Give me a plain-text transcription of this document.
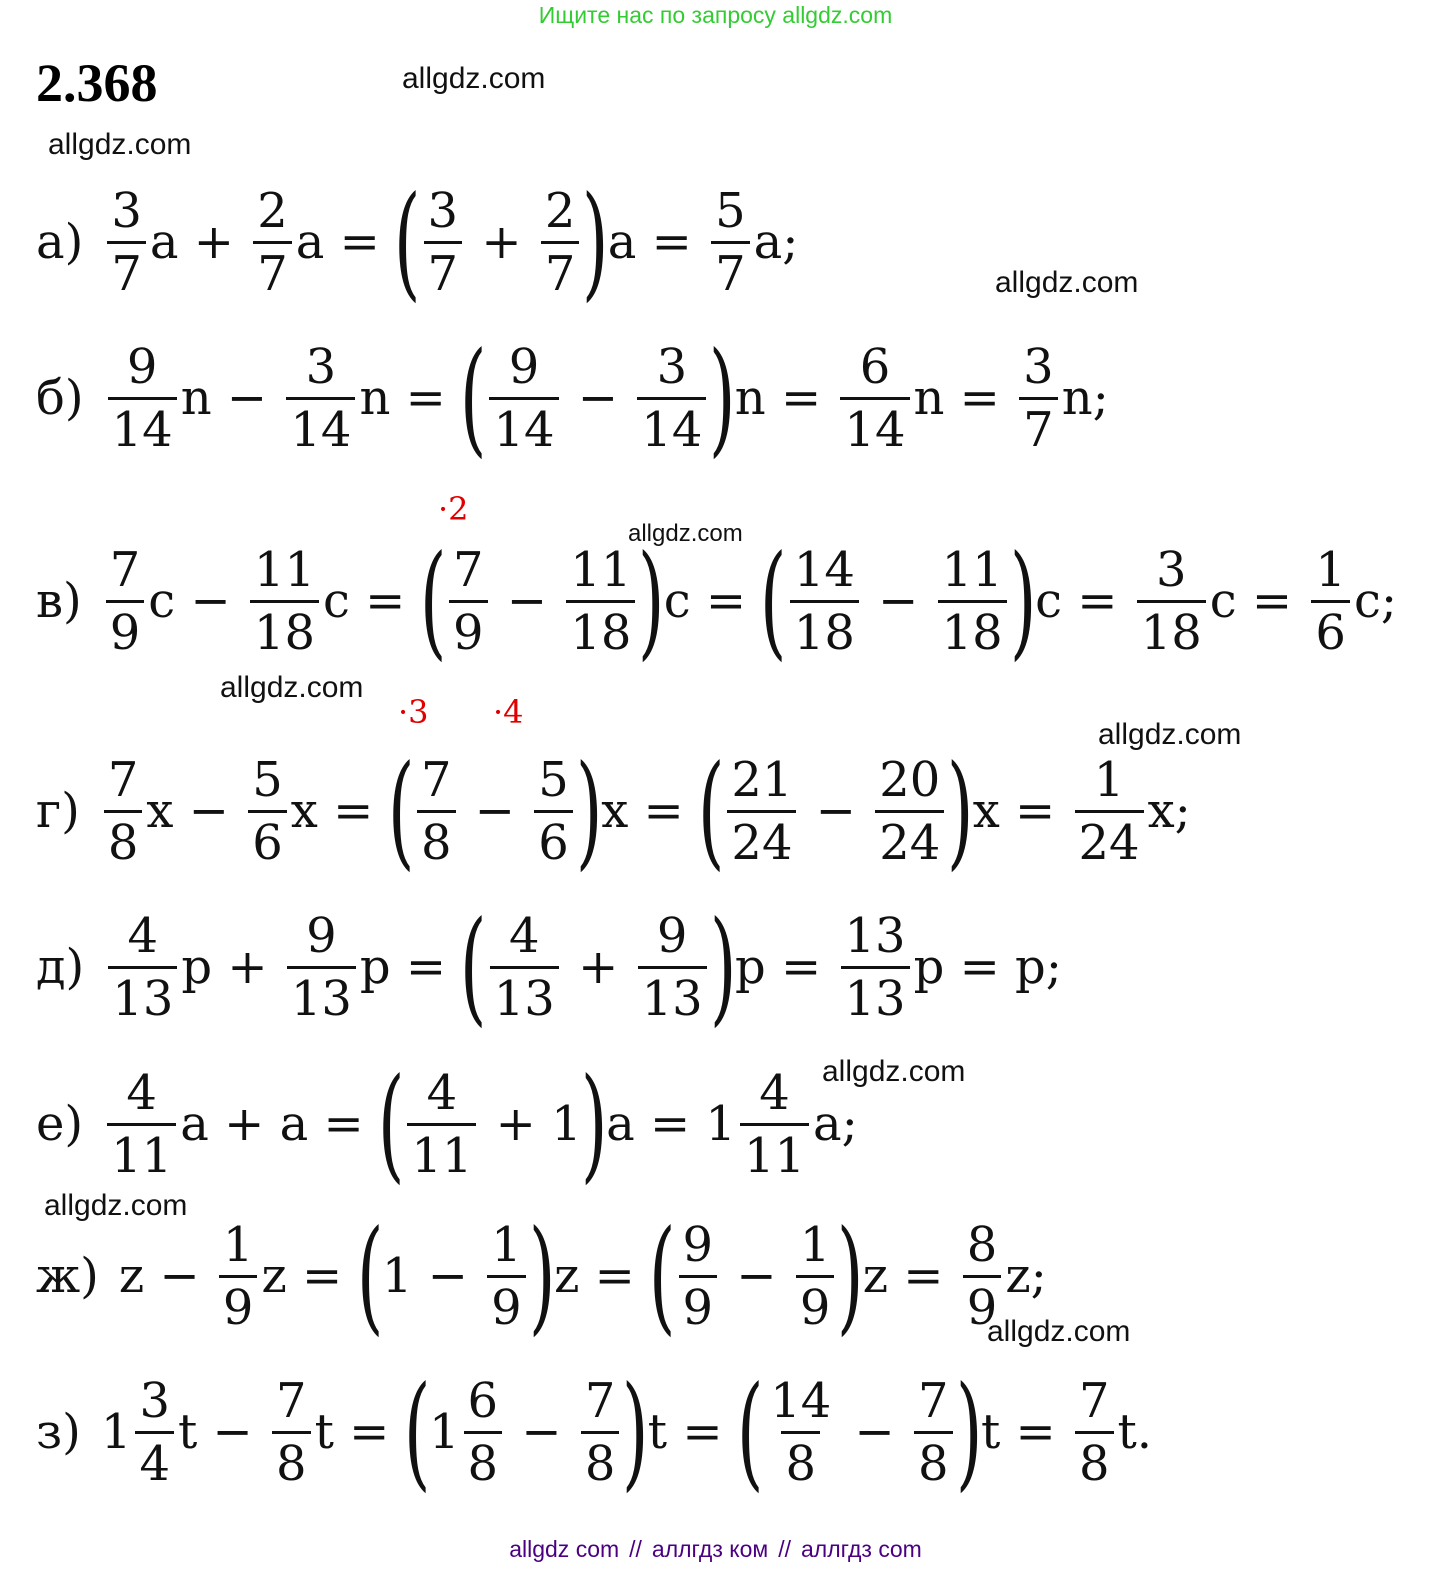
Ищите нас по запросу allgdz.com
2.368	allgdz.com
allgdz.com
allgdz.com
allgdz.com
allgdz.com
allgdz.com
allgdz.com
allgdz.com
allgdz.com
·2
·3 ·4
$а) \frac{3}{7}$ $a + \frac{2}{7}$ a =
( $\frac{3}{7} + \frac{2}{7}$ )
$a = \frac{5}{7} a$;
$б) \frac{9}{14}$ $n - \frac{3}{14}$ n =
( $\frac{9}{14} - \frac{3}{14}$ )
$n = \frac{6}{14}$ $n = \frac{3}{7} n$;
$в) \frac{7}{9}$ $c - \frac{11}{18}$ c =
( $\frac{7}{9} - \frac{11}{18}$ )
c =
( $\frac{14}{18} - \frac{11}{18}$ )
$c = \frac{3}{18}$ $c = \frac{1}{6} c$;
$г) \frac{7}{8}$ $x - \frac{5}{6}$ x =
( $\frac{7}{8} - \frac{5}{6}$ )
x =
( $\frac{21}{24} - \frac{20}{24}$ )
$x = \frac{1}{24} x$;
$д) \frac{4}{13}$ $p + \frac{9}{13}$ p =
( $\frac{4}{13} + \frac{9}{13}$ )
$p = \frac{13}{13}$ p = p;
$е) \frac{4}{11}$ a + a =
( $\frac{4}{11} + 1$
)
$a = 1 \frac{4}{11} a$;
ж) $z - \frac{1}{9}$ z =
(
$1 - \frac{1}{9}$ )
z =
( $\frac{9}{9} - \frac{1}{9}$ )
$z = \frac{8}{9} z$;
з) $1 \frac{3}{4}$ $t - \frac{7}{8}$ t =
(
$1 \frac{6}{8} - \frac{7}{8}$ )
t =
( $\frac{14}{8} - \frac{7}{8}$ )
$t = \frac{7}{8} t$.
allgdz com // аллгдз ком // аллгдз com
